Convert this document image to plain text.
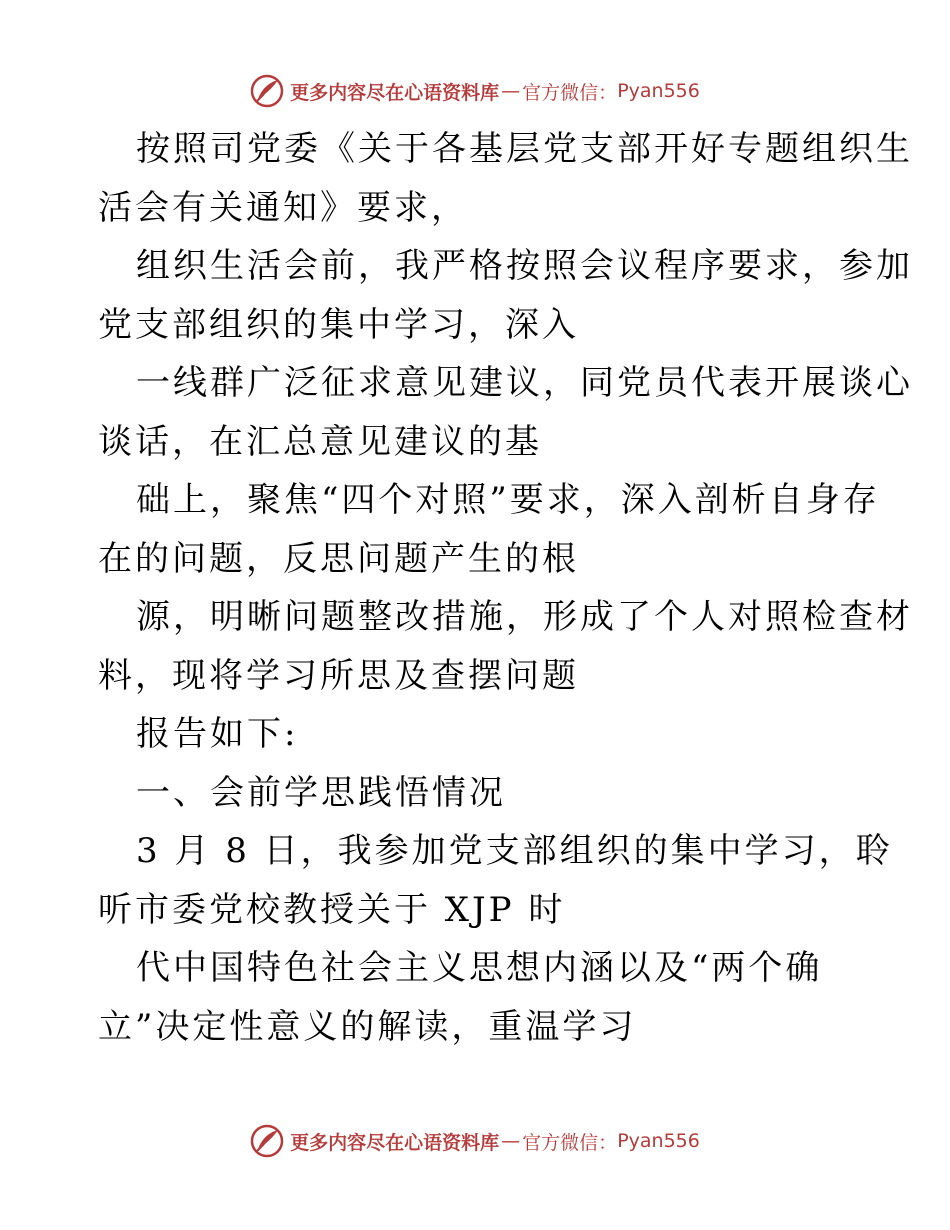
更多内容尽在心语资料库 — 官方微信： Pyan556
按照司党委《关于各基层党支部开好专题组织生
活会有关通知》要求，
组织生活会前，我严格按照会议程序要求，参加
党支部组织的集中学习，深入
一线群广泛征求意见建议，同党员代表开展谈心
谈话，在汇总意见建议的基
础上，聚焦“四个对照”要求，深入剖析自身存
在的问题，反思问题产生的根
源，明晰问题整改措施，形成了个人对照检查材
料，现将学习所思及查摆问题
报告如下:
一、会前学思践悟情况
3 月 8 日，我参加党支部组织的集中学习，聆
听市委党校教授关于 XJP 时
代中国特色社会主义思想内涵以及“两个确
立”决定性意义的解读，重温学习
更多内容尽在心语资料库 — 官方微信： Pyan556
